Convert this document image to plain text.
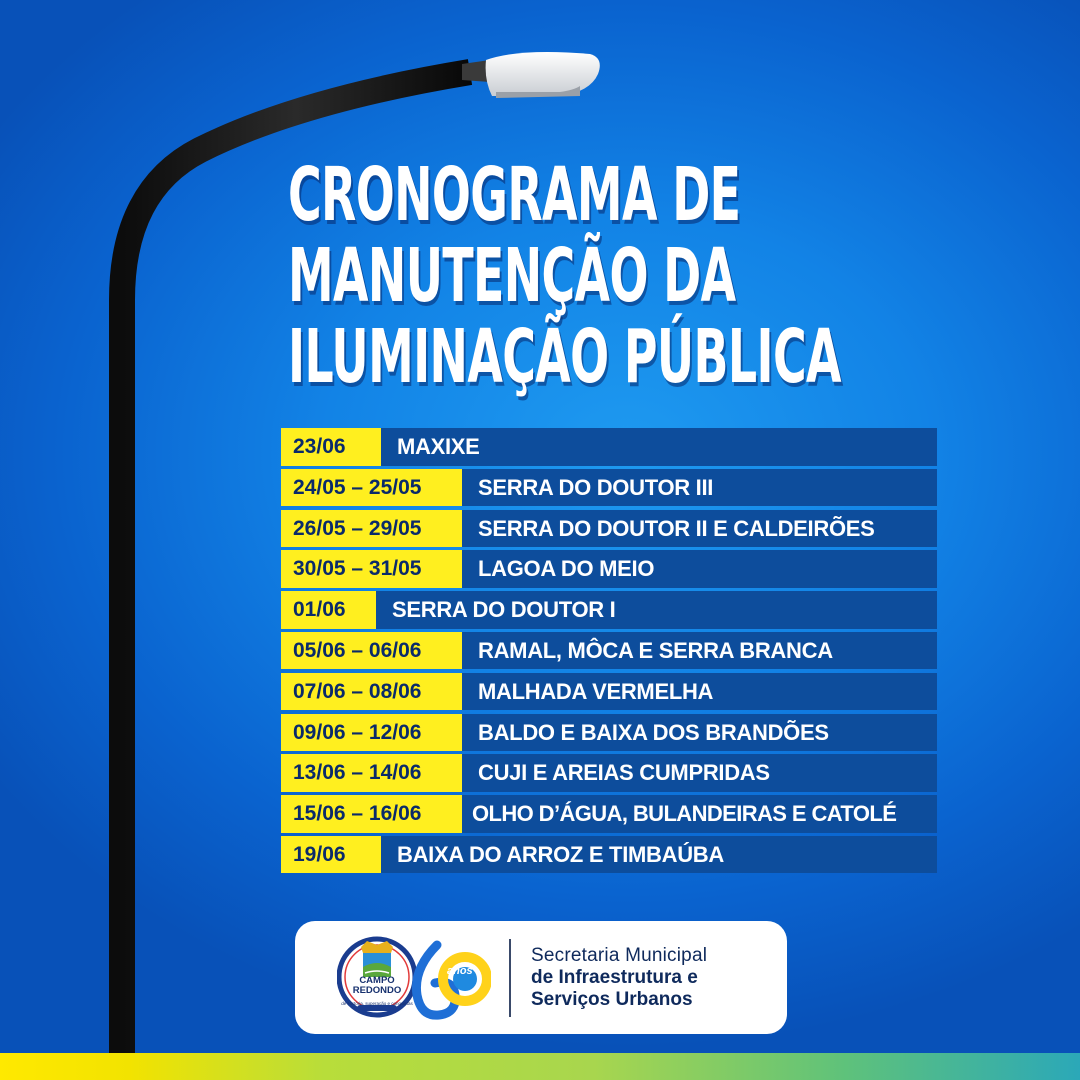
CRONOGRAMA DE
MANUTENÇÃO DA
ILUMINAÇÃO PÚBLICA
23/06	MAXIXE
24/05 – 25/05	SERRA DO DOUTOR III
26/05 – 29/05	SERRA DO DOUTOR II E CALDEIRÕES
30/05 – 31/05	LAGOA DO MEIO
01/06	SERRA DO DOUTOR I
05/06 – 06/06	RAMAL, MÔCA E SERRA BRANCA
07/06 – 08/06	MALHADA VERMELHA
09/06 – 12/06	BALDO E BAIXA DOS BRANDÕES
13/06 – 14/06	CUJI E AREIAS CUMPRIDAS
15/06 – 16/06	OLHO D’ÁGUA, BULANDEIRAS E CATOLÉ
19/06	BAIXA DO ARROZ E TIMBAÚBA
CAMPO REDONDO
de História, superação e conquistas
anos
Secretaria Municipal
de Infraestrutura e
Serviços Urbanos
